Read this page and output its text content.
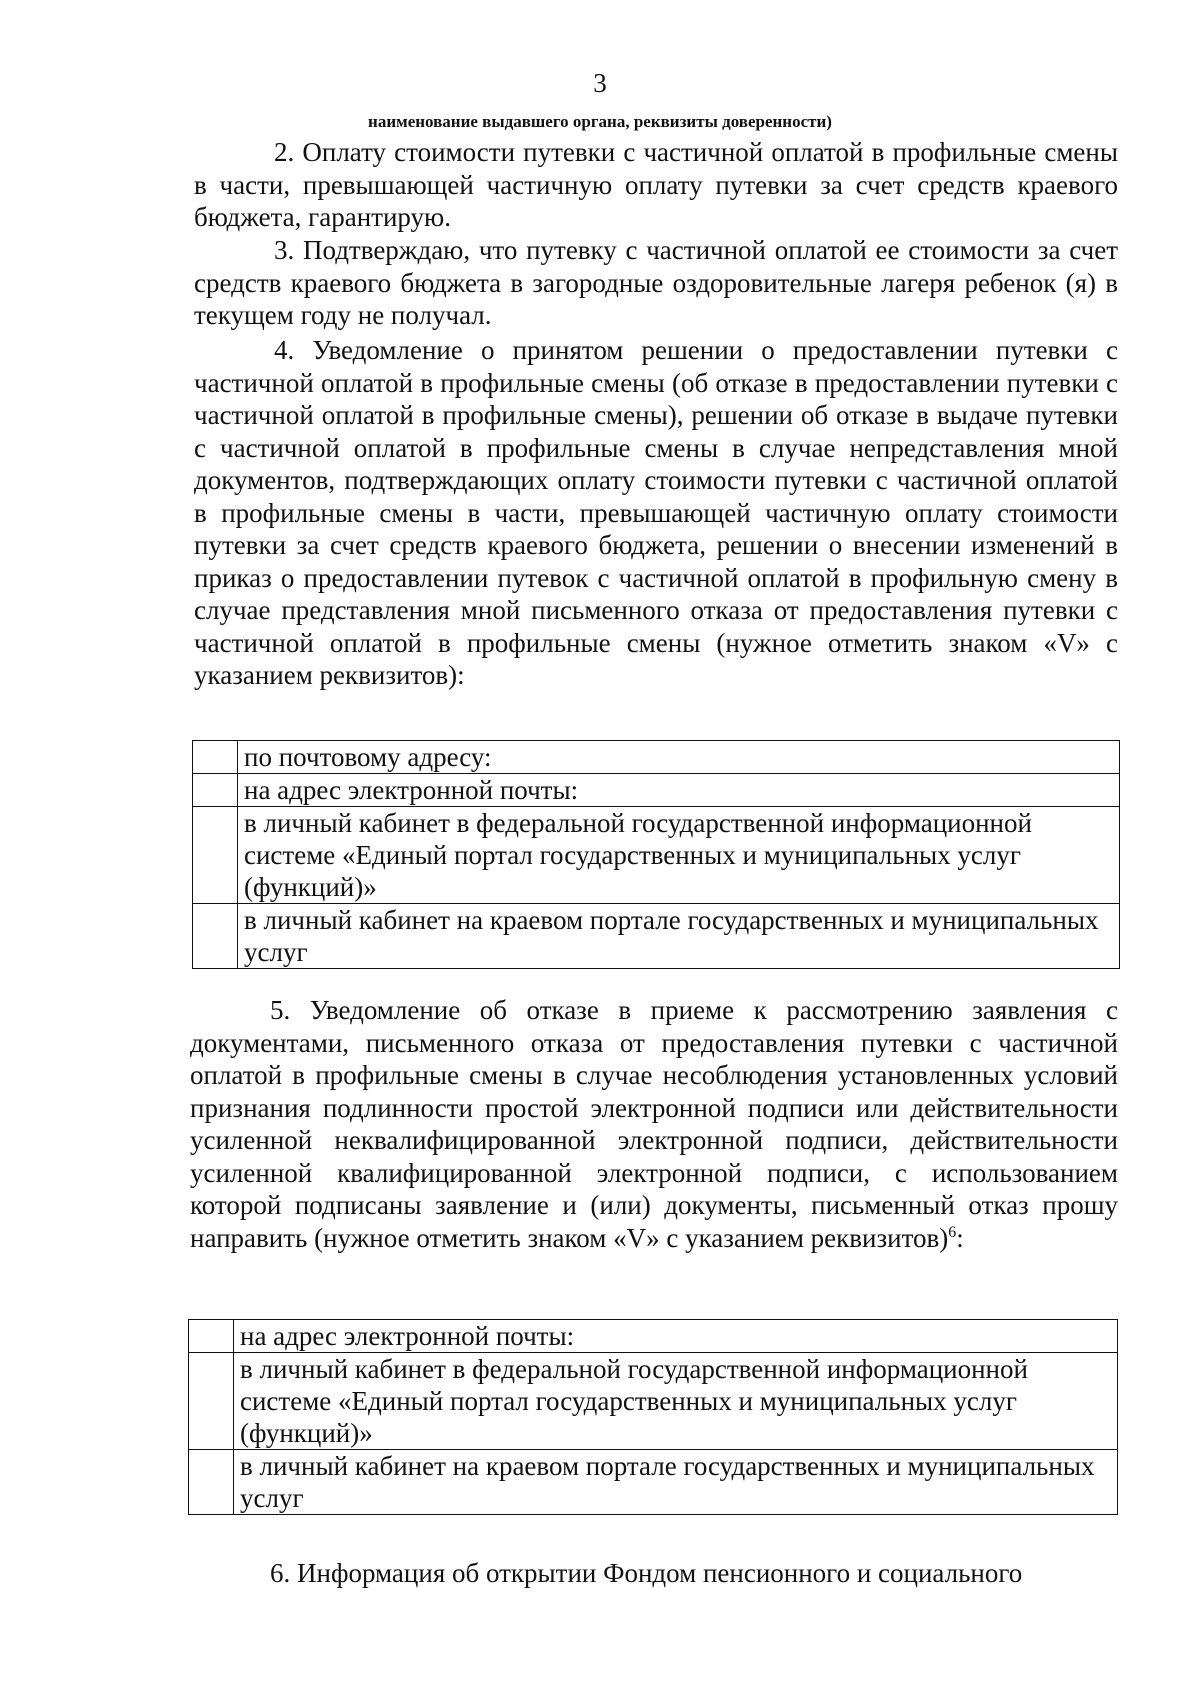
3
наименование выдавшего органа, реквизиты доверенности)

2. Оплату стоимости путевки с частичной оплатой в профильные смены в части, превышающей частичную оплату путевки за счет средств краевого бюджета, гарантирую.

3. Подтверждаю, что путевку с частичной оплатой ее стоимости за счет средств краевого бюджета в загородные оздоровительные лагеря ребенок (я) в текущем году не получал.

4. Уведомление о принятом решении о предоставлении путевки с частичной оплатой в профильные смены (об отказе в предоставлении путевки с частичной оплатой в профильные смены), решении об отказе в выдаче путевки с частичной оплатой в профильные смены в случае непредставления мной документов, подтверждающих оплату стоимости путевки с частичной оплатой в профильные смены в части, превышающей частичную оплату стоимости путевки за счет средств краевого бюджета, решении о внесении изменений в приказ о предоставлении путевок с частичной оплатой в профильную смену в случае представления мной письменного отказа от предоставления путевки с частичной оплатой в профильные смены (нужное отметить знаком «V» с указанием реквизитов):

	по почтовому адресу:
	на адрес электронной почты:
	в личный кабинет в федеральной государственной информационной системе «Единый портал государственных и муниципальных услуг (функций)»
	в личный кабинет на краевом портале государственных и муниципальных услуг

5. Уведомление об отказе в приеме к рассмотрению заявления с документами, письменного отказа от предоставления путевки с частичной оплатой в профильные смены в случае несоблюдения установленных условий признания подлинности простой электронной подписи или действительности усиленной неквалифицированной электронной подписи, действительности усиленной квалифицированной электронной подписи, с использованием которой подписаны заявление и (или) документы, письменный отказ прошу направить (нужное отметить знаком «V» с указанием реквизитов)$^6$:

	на адрес электронной почты:
	в личный кабинет в федеральной государственной информационной системе «Единый портал государственных и муниципальных услуг (функций)»
	в личный кабинет на краевом портале государственных и муниципальных услуг

6. Информация об открытии Фондом пенсионного и социального
